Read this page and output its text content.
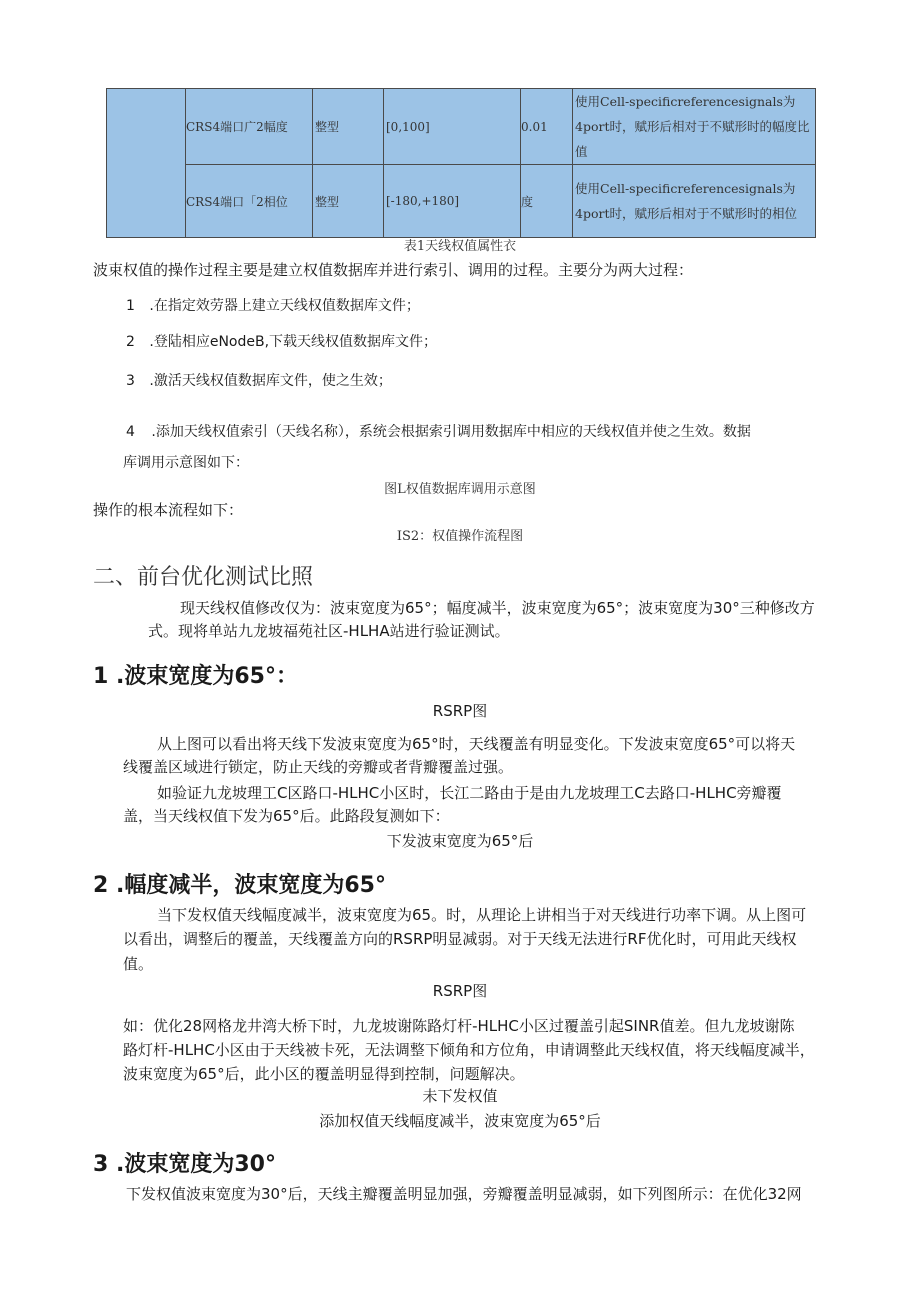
	CRS4端口广2幅度	整型	[0,100]	0.01	使用Cell-specificreferencesignals为4port时，赋形后相对于不赋形时的幅度比值
	CRS4端口「2相位	整型	[-180,+180]	度	使用Cell-specificreferencesignals为4port时，赋形后相对于不赋形时的相位
表1天线权值属性衣
波束权值的操作过程主要是建立权值数据库并进行索引、调用的过程。主要分为两大过程：
1 .在指定效劳器上建立天线权值数据库文件；
2 .登陆相应eNodeB,下载天线权值数据库文件；
3 .激活天线权值数据库文件，使之生效；
4 .添加天线权值索引（天线名称），系统会根据索引调用数据库中相应的天线权值并使之生效。数据
库调用示意图如下：
图L权值数据库调用示意图
操作的根本流程如下：
IS2：权值操作流程图
二、前台优化测试比照
现天线权值修改仅为：波束宽度为65°；幅度减半，波束宽度为65°；波束宽度为30°三种修改方
式。现将单站九龙坡福苑社区-HLHA站进行验证测试。
1 .波束宽度为65°：
RSRP图
从上图可以看出将天线下发波束宽度为65°时，天线覆盖有明显变化。下发波束宽度65°可以将天
线覆盖区域进行锁定，防止天线的旁瓣或者背瓣覆盖过强。
如验证九龙坡理工C区路口-HLHC小区时，长江二路由于是由九龙坡理工C去路口-HLHC旁瓣覆
盖，当天线权值下发为65°后。此路段复测如下：
下发波束宽度为65°后
2 .幅度减半，波束宽度为65°
当下发权值天线幅度减半，波束宽度为65。时，从理论上讲相当于对天线进行功率下调。从上图可
以看出，调整后的覆盖，天线覆盖方向的RSRP明显减弱。对于天线无法进行RF优化时，可用此天线权
值。
RSRP图
如：优化28网格龙井湾大桥下时，九龙坡谢陈路灯杆-HLHC小区过覆盖引起SINR值差。但九龙坡谢陈
路灯杆-HLHC小区由于天线被卡死，无法调整下倾角和方位角，申请调整此天线权值，将天线幅度减半，
波束宽度为65°后，此小区的覆盖明显得到控制，问题解决。
未下发权值
添加权值天线幅度减半，波束宽度为65°后
3 .波束宽度为30°
下发权值波束宽度为30°后，天线主瓣覆盖明显加强，旁瓣覆盖明显减弱，如下列图所示：在优化32网
